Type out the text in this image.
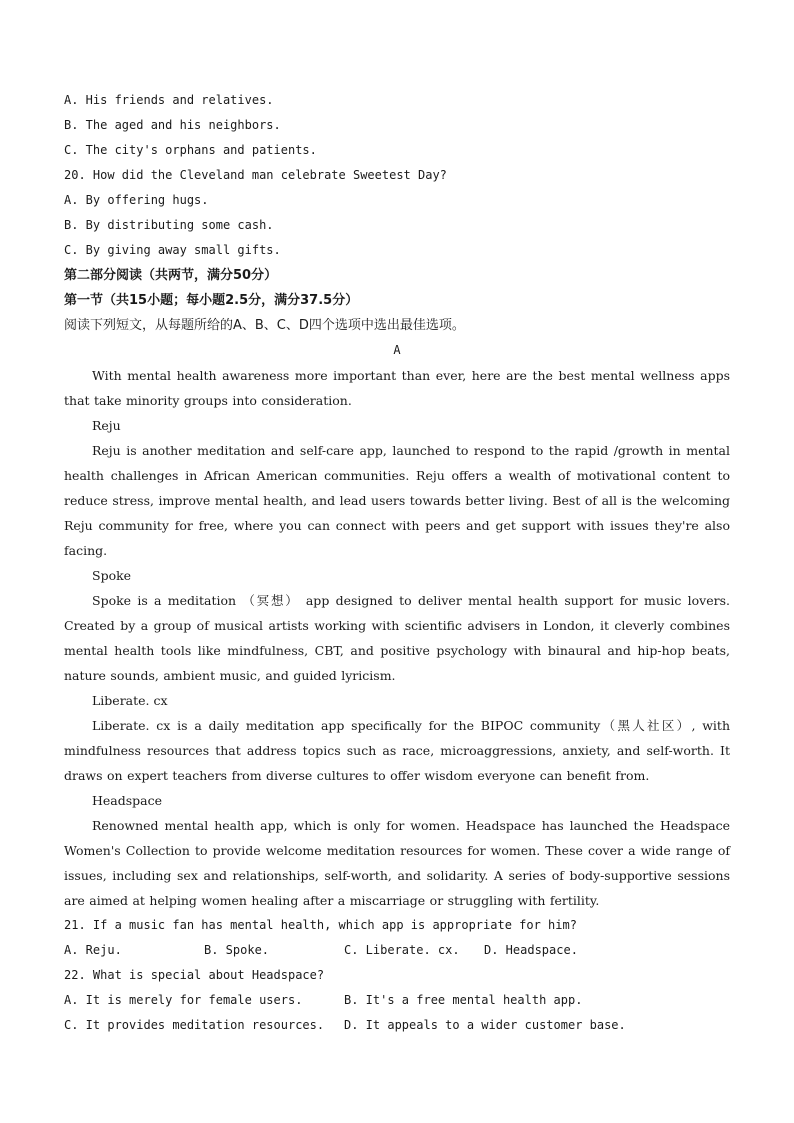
A. His friends and relatives.
B. The aged and his neighbors.
C. The city's orphans and patients.
20. How did the Cleveland man celebrate Sweetest Day?
A. By offering hugs.
B. By distributing some cash.
C. By giving away small gifts.
第二部分阅读（共两节，满分50分）
第一节（共15小题；每小题2.5分，满分37.5分）
阅读下列短文，从每题所给的A、B、C、D四个选项中选出最佳选项。
A
With mental health awareness more important than ever, here are the best mental wellness apps that take minority groups into consideration.
Reju
Reju is another meditation and self-care app, launched to respond to the rapid /growth in mental health challenges in African American communities. Reju offers a wealth of motivational content to reduce stress, improve mental health, and lead users towards better living. Best of all is the welcoming Reju community for free, where you can connect with peers and get support with issues they're also facing.
Spoke
Spoke is a meditation （冥想） app designed to deliver mental health support for music lovers. Created by a group of musical artists working with scientific advisers in London, it cleverly combines mental health tools like mindfulness, CBT, and positive psychology with binaural and hip-hop beats, nature sounds, ambient music, and guided lyricism.
Liberate. cx
Liberate. cx is a daily meditation app specifically for the BIPOC community（黑人社区）, with mindfulness resources that address topics such as race, microaggressions, anxiety, and self-worth. It draws on expert teachers from diverse cultures to offer wisdom everyone can benefit from.
Headspace
Renowned mental health app, which is only for women. Headspace has launched the Headspace Women's Collection to provide welcome meditation resources for women. These cover a wide range of issues, including sex and relationships, self-worth, and solidarity. A series of body-supportive sessions are aimed at helping women healing after a miscarriage or struggling with fertility.
21. If a music fan has mental health, which app is appropriate for him?
A. Reju.	B. Spoke.	C. Liberate. cx.	D. Headspace.
22. What is special about Headspace?
A. It is merely for female users.	B. It's a free mental health app.
C. It provides meditation resources.	D. It appeals to a wider customer base.
